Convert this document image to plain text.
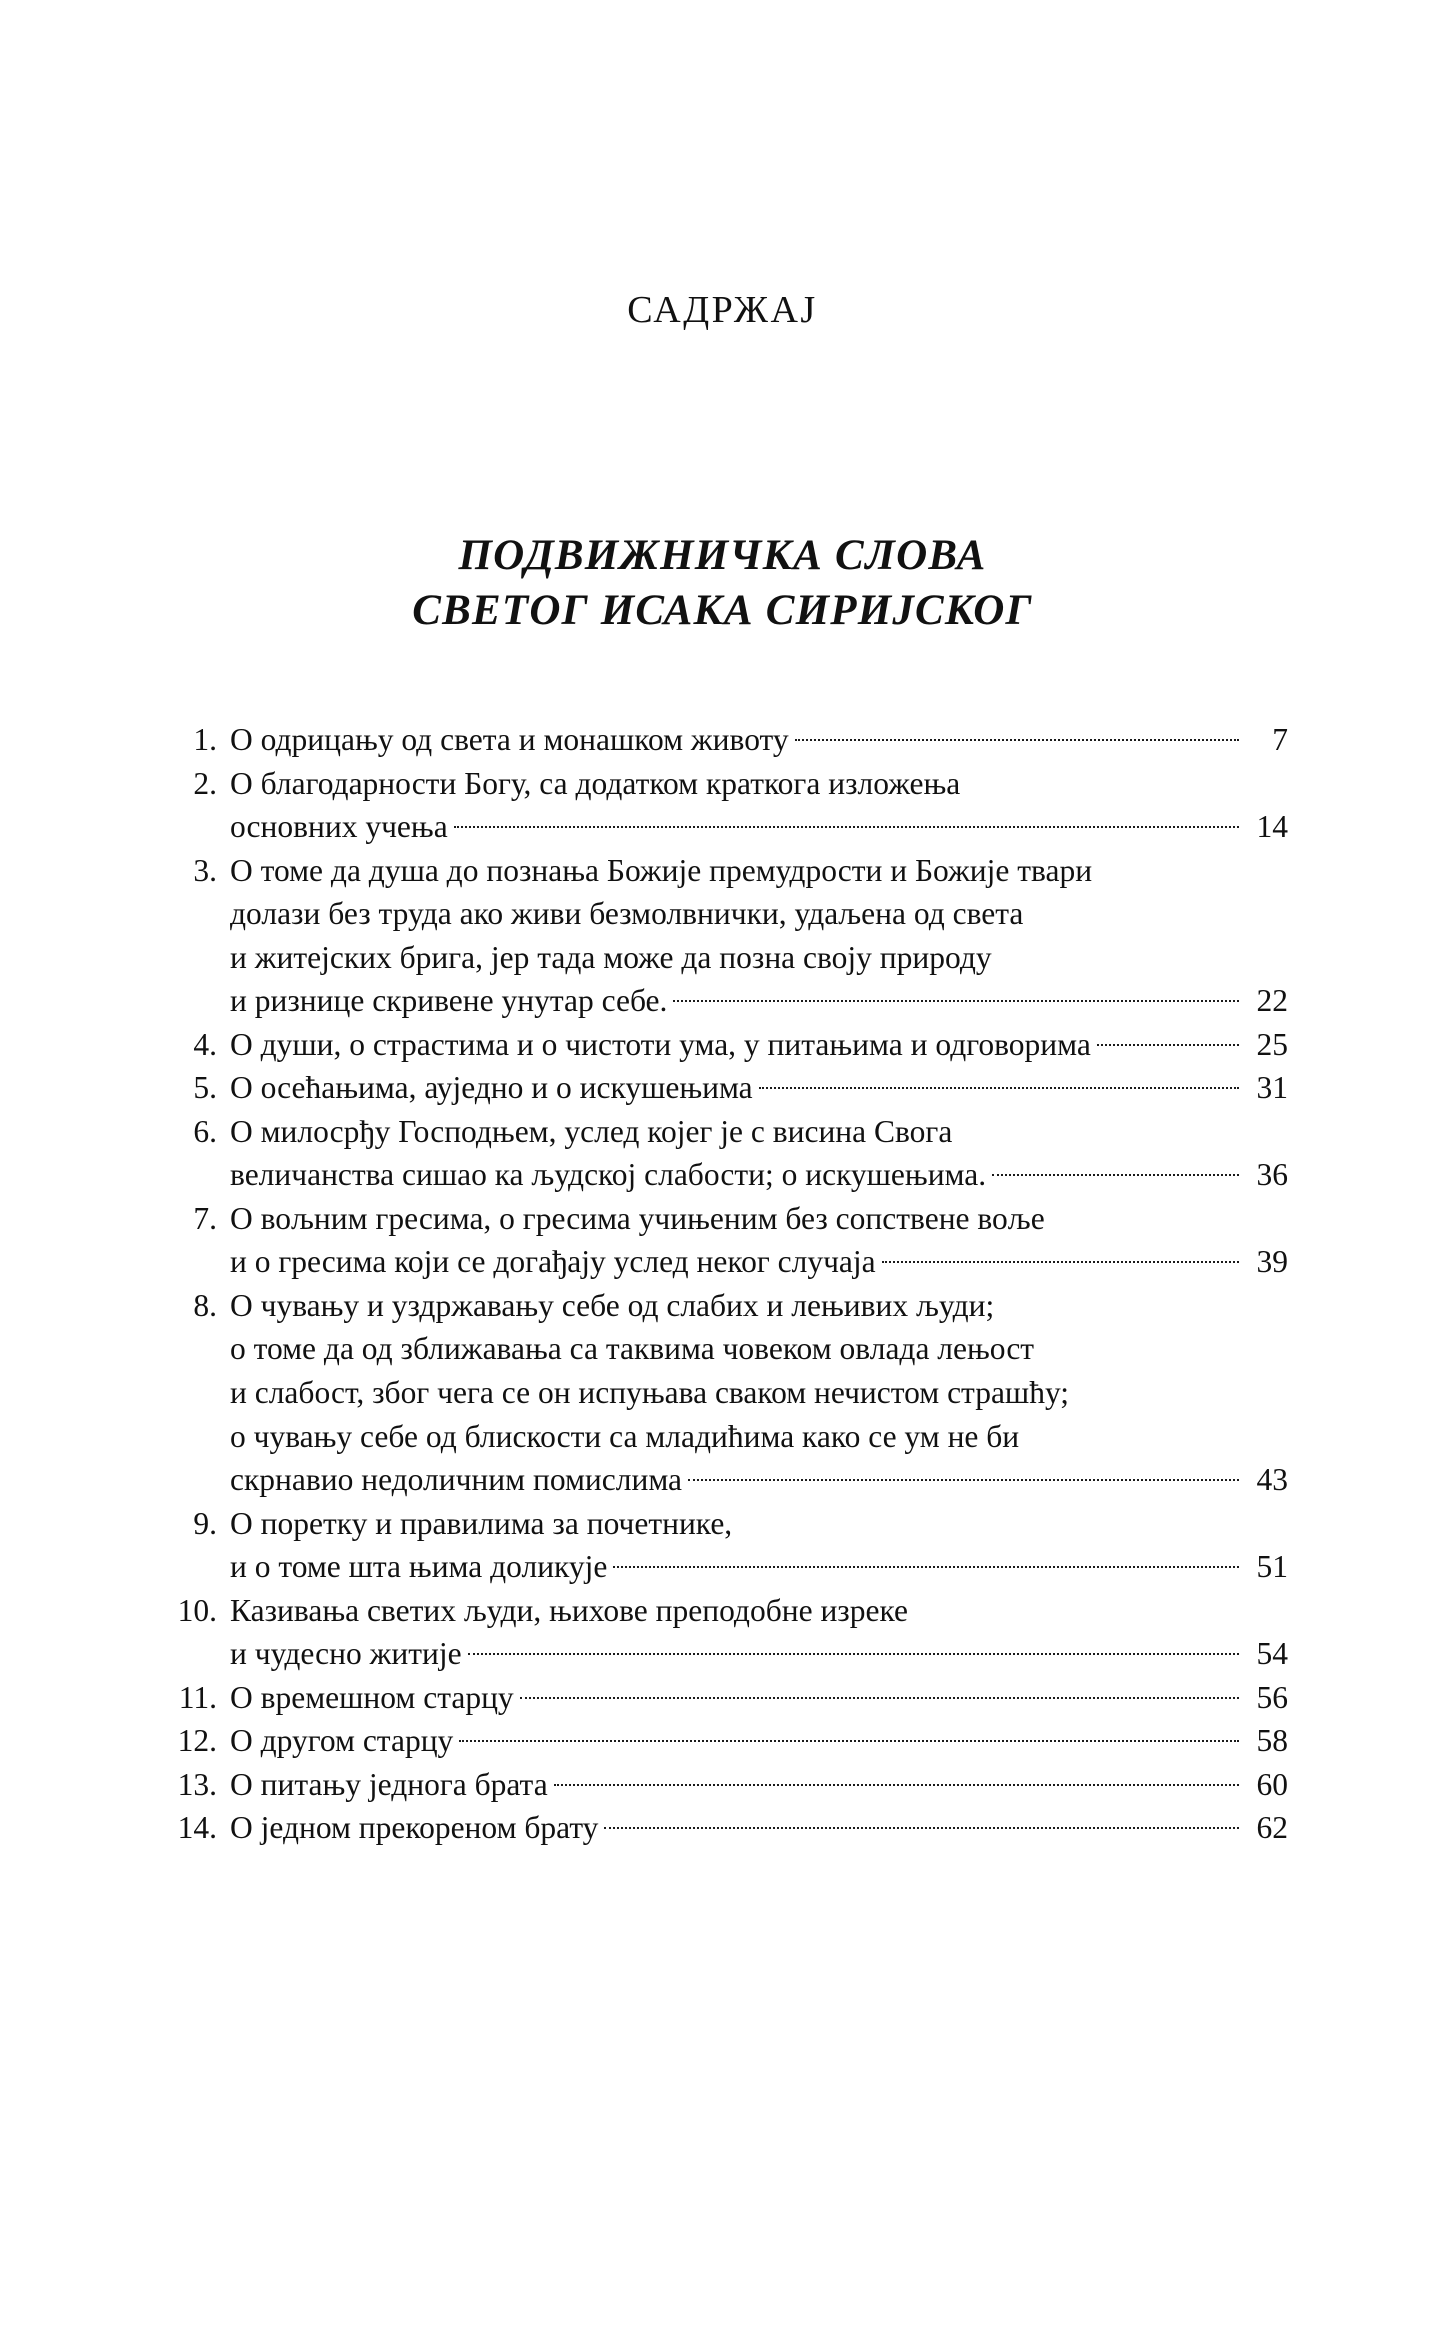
САДРЖАЈ
ПОДВИЖНИЧКА СЛОВА
СВЕТОГ ИСАКА СИРИЈСКОГ
1. О одрицању од света и монашком животу	7
2. О благодарности Богу, са додатком краткога изложења
основних учења	14
3. О томе да душа до познања Божије премудрости и Божије твари
долази без труда ако живи безмолвнички, удаљена од света
и житејских брига, јер тада може да позна своју природу
и ризнице скривене унутар себе.	22
4. О души, о страстима и о чистоти ума, у питањима и одговорима	25
5. О осећањима, ауједно и о искушењима	31
6. О милосрђу Господњем, услед којег је с висина Свога
величанства сишао ка људској слабости; о искушењима.	36
7. О вољним гресима, о гресима учињеним без сопствене воље
и о гресима који се догађају услед неког случаја	39
8. О чувању и уздржавању себе од слабих и лењивих људи;
о томе да од зближавања са таквима човеком овлада лењост
и слабост, због чега се он испуњава сваком нечистом страшћу;
о чувању себе од блискости са младићима како се ум не би
скрнавио недоличним помислима	43
9. О поретку и правилима за почетнике,
и о томе шта њима доликује	51
10. Казивања светих људи, њихове преподобне изреке
и чудесно житије	54
11. О времешном старцу	56
12. О другом старцу	58
13. О питању једнога брата	60
14. О једном прекореном брату	62
